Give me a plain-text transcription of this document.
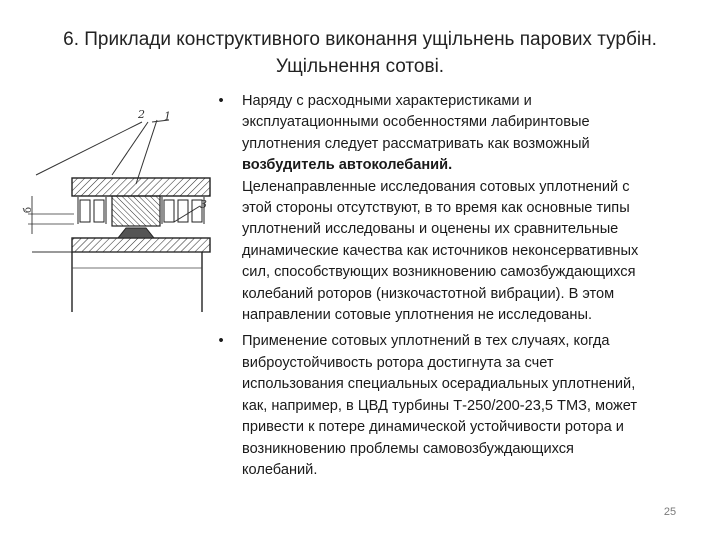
6. Приклади конструктивного виконання ущільнень парових турбін.
Ущільнення сотові.
2 1
б	3
•	Наряду с расходными характеристиками и
эксплуатационными особенностями лабиринтовые
уплотнения следует рассматривать как возможный
возбудитель автоколебаний.
Целенаправленные исследования сотовых уплотнений с
этой стороны отсутствуют, в то время как основные типы
уплотнений исследованы и оценены их сравнительные
динамические качества как источников неконсервативных
сил, способствующих возникновению самозбуждающихся
колебаний роторов (низкочастотной вибрации). В этом
направлении сотовые уплотнения не исследованы.
•	Применение сотовых уплотнений в тех случаях, когда
виброустойчивость ротора достигнута за счет
использования специальных осерадиальных уплотнений,
как, например, в ЦВД турбины Т-250/200-23,5 ТМЗ, может
привести к потере динамической устойчивости ротора и
возникновению проблемы самовозбуждающихся
колебаний.
25
